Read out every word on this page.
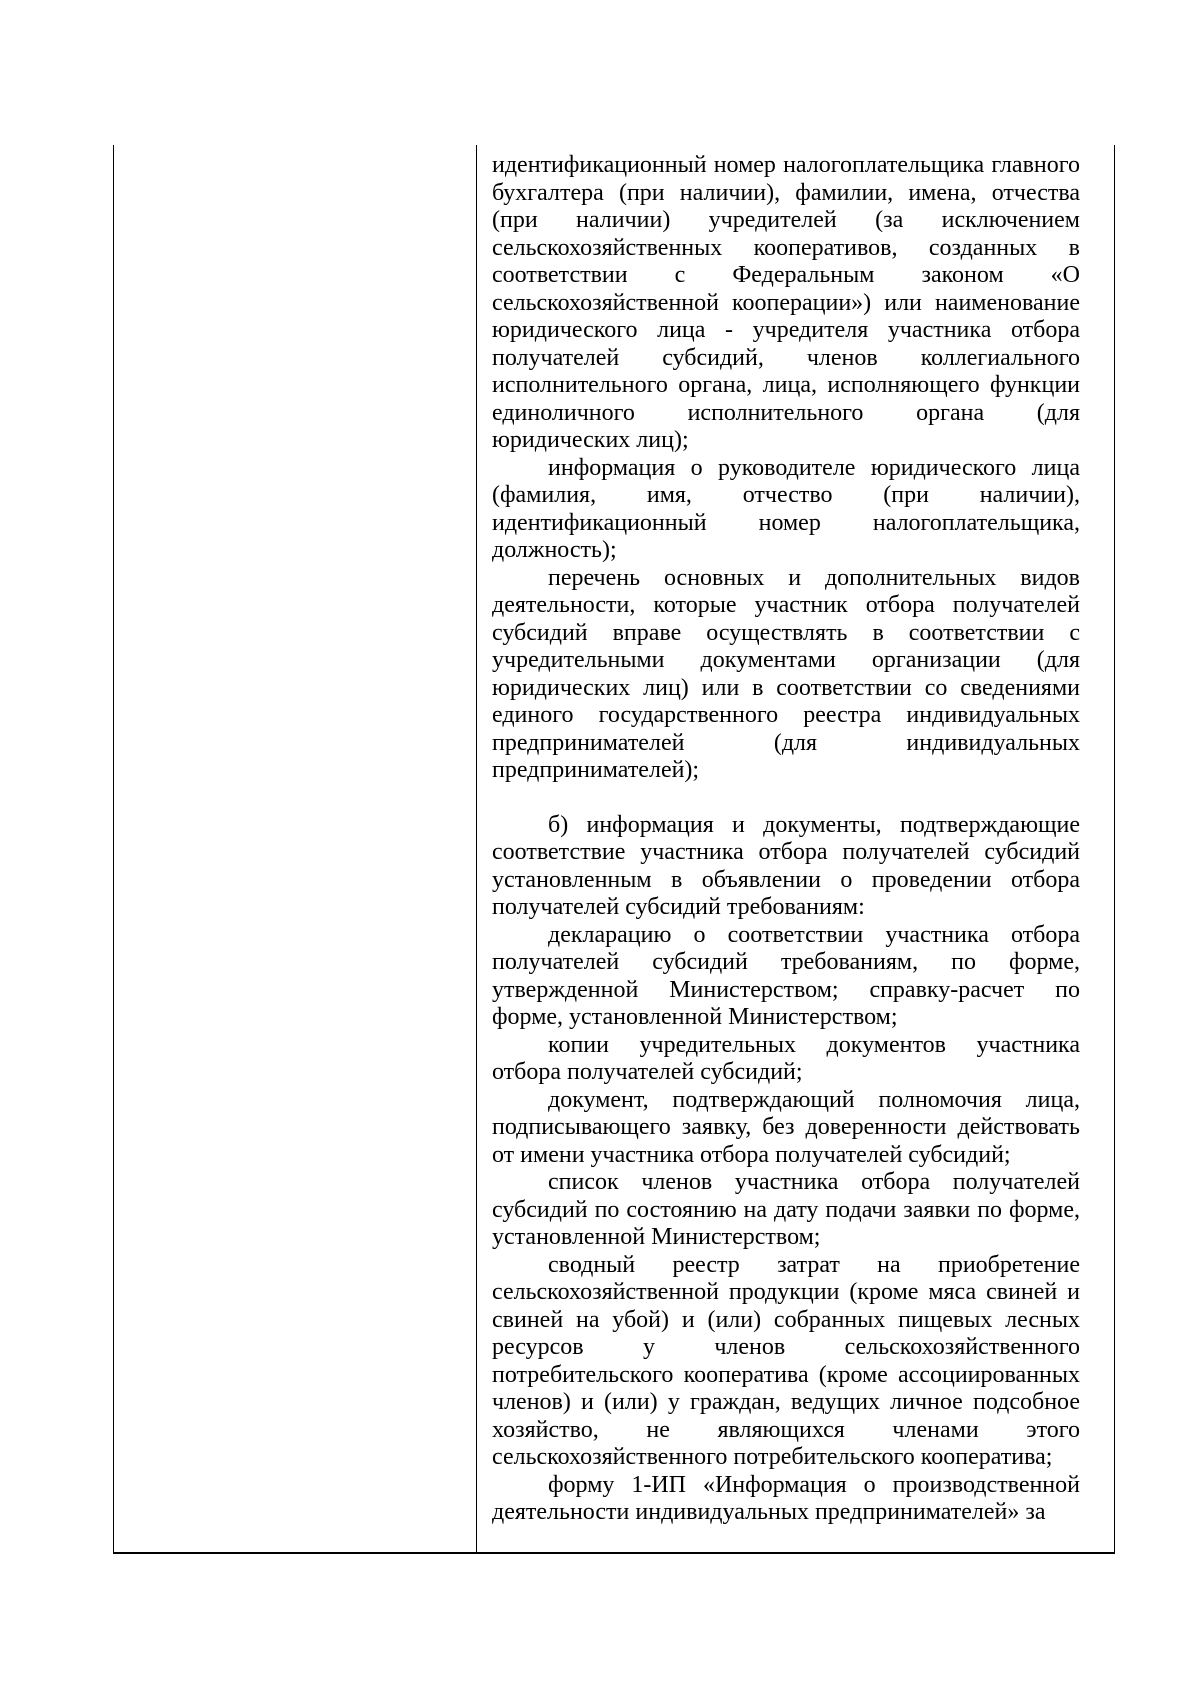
идентификационный номер налогоплательщика главного бухгалтера (при наличии), фамилии, имена, отчества (при наличии) учредителей (за исключением сельскохозяйственных кооперативов, созданных в соответствии с Федеральным законом «О сельскохозяйственной кооперации») или наименование юридического лица - учредителя участника отбора получателей субсидий, членов коллегиального исполнительного органа, лица, исполняющего функции единоличного исполнительного органа (для юридических лиц);

информация о руководителе юридического лица (фамилия, имя, отчество (при наличии), идентификационный номер налогоплательщика, должность);

перечень основных и дополнительных видов деятельности, которые участник отбора получателей субсидий вправе осуществлять в соответствии с учредительными документами организации (для юридических лиц) или в соответствии со сведениями единого государственного реестра индивидуальных предпринимателей (для индивидуальных предпринимателей);

б) информация и документы, подтверждающие соответствие участника отбора получателей субсидий установленным в объявлении о проведении отбора получателей субсидий требованиям:

декларацию о соответствии участника отбора получателей субсидий требованиям, по форме, утвержденной Министерством; справку-расчет по форме, установленной Министерством;

копии учредительных документов участника отбора получателей субсидий;

документ, подтверждающий полномочия лица, подписывающего заявку, без доверенности действовать от имени участника отбора получателей субсидий;

список членов участника отбора получателей субсидий по состоянию на дату подачи заявки по форме, установленной Министерством;

сводный реестр затрат на приобретение сельскохозяйственной продукции (кроме мяса свиней и свиней на убой) и (или) собранных пищевых лесных ресурсов у членов сельскохозяйственного потребительского кооператива (кроме ассоциированных членов) и (или) у граждан, ведущих личное подсобное хозяйство, не являющихся членами этого сельскохозяйственного потребительского кооператива;

форму 1-ИП «Информация о производственной деятельности индивидуальных предпринимателей» за
